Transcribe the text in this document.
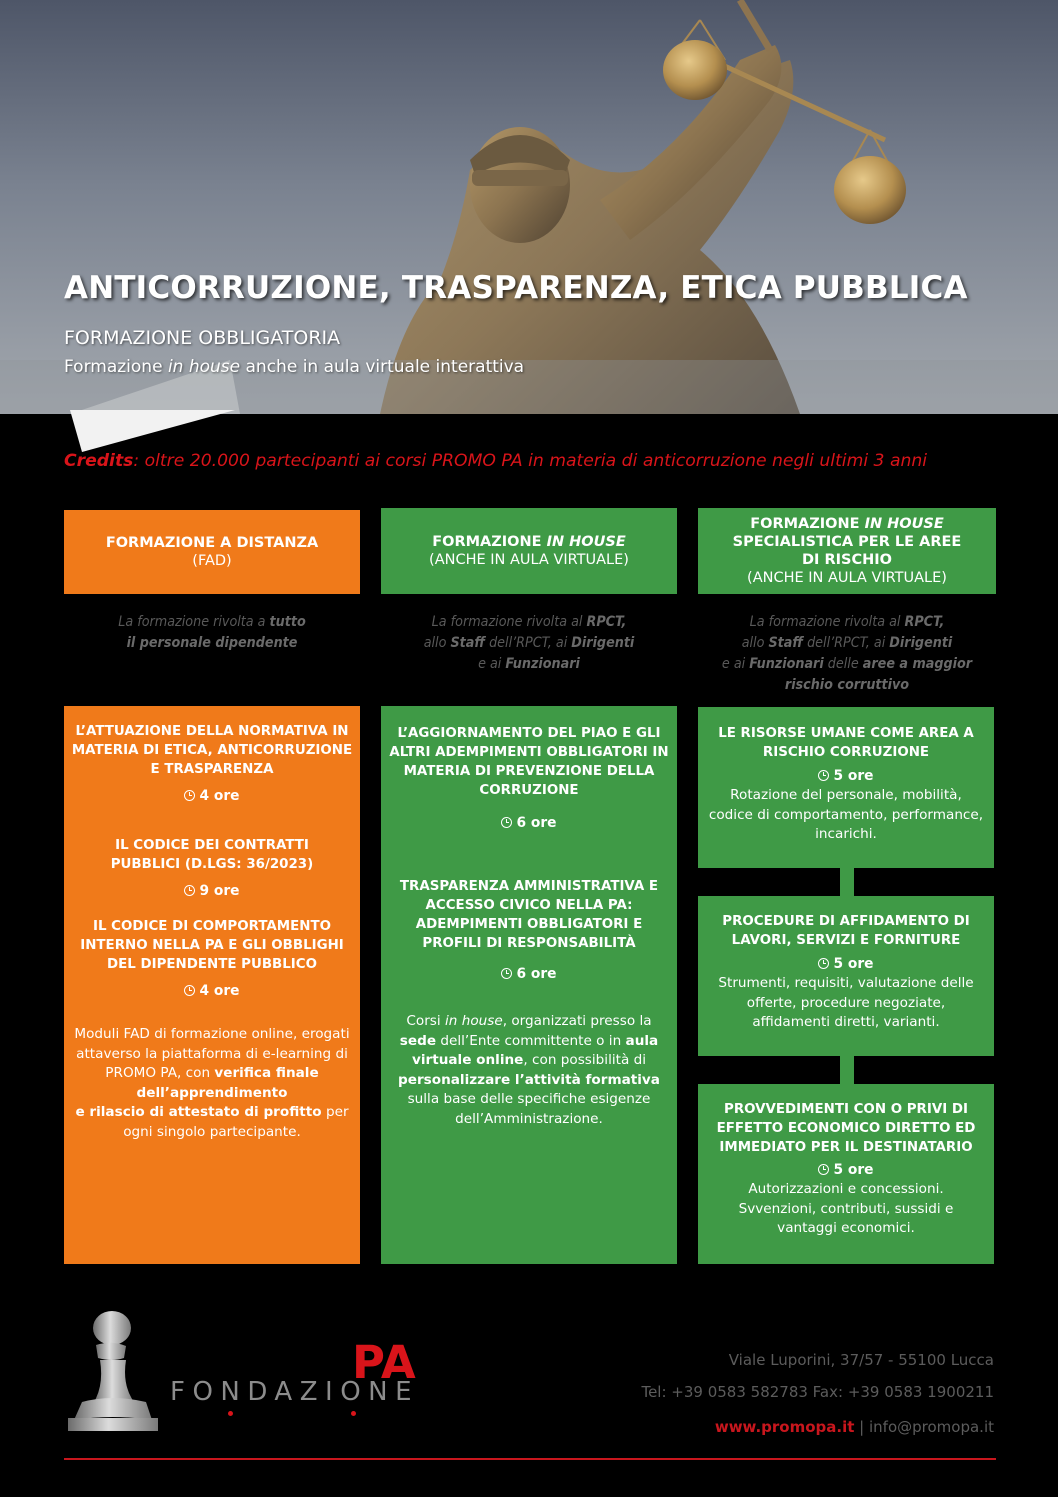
ANTICORRUZIONE, TRASPARENZA, ETICA PUBBLICA
FORMAZIONE OBBLIGATORIA
Formazione in house anche in aula virtuale interattiva
Credits: oltre 20.000 partecipanti ai corsi PROMO PA in materia di anticorruzione negli ultimi 3 anni
FORMAZIONE A DISTANZA
(FAD)
FORMAZIONE IN HOUSE
(ANCHE IN AULA VIRTUALE)
FORMAZIONE IN HOUSE
SPECIALISTICA PER LE AREE
DI RISCHIO
(ANCHE IN AULA VIRTUALE)
La formazione rivolta a tutto
il personale dipendente
La formazione rivolta al RPCT,
allo Staff dell’RPCT, ai Dirigenti
e ai Funzionari
La formazione rivolta al RPCT,
allo Staff dell’RPCT, ai Dirigenti
e ai Funzionari delle aree a maggior
rischio corruttivo
L’ATTUAZIONE DELLA NORMATIVA IN MATERIA DI ETICA, ANTICORRUZIONE E TRASPARENZA
4 ore
IL CODICE DEI CONTRATTI PUBBLICI (D.LGS: 36/2023)
9 ore
IL CODICE DI COMPORTAMENTO INTERNO NELLA PA E GLI OBBLIGHI DEL DIPENDENTE PUBBLICO
4 ore
Moduli FAD di formazione online, erogati attaverso la piattaforma di e-learning di PROMO PA, con verifica finale dell’apprendimento
e rilascio di attestato di profitto per ogni singolo partecipante.
L’AGGIORNAMENTO DEL PIAO E GLI ALTRI ADEMPIMENTI OBBLIGATORI IN MATERIA DI PREVENZIONE DELLA CORRUZIONE
6 ore
TRASPARENZA AMMINISTRATIVA E ACCESSO CIVICO NELLA PA: ADEMPIMENTI OBBLIGATORI E PROFILI DI RESPONSABILITÀ
6 ore
Corsi in house, organizzati presso la sede dell’Ente committente o in aula virtuale online, con possibilità di personalizzare l’attività formativa sulla base delle specifiche esigenze dell’Amministrazione.
LE RISORSE UMANE COME AREA A RISCHIO CORRUZIONE
5 ore
Rotazione del personale, mobilità, codice di comportamento, performance, incarichi.
PROCEDURE DI AFFIDAMENTO DI LAVORI, SERVIZI E FORNITURE
5 ore
Strumenti, requisiti, valutazione delle offerte, procedure negoziate, affidamenti diretti, varianti.
PROVVEDIMENTI CON O PRIVI DI EFFETTO ECONOMICO DIRETTO ED IMMEDIATO PER IL DESTINATARIO
5 ore
Autorizzazioni e concessioni. Svvenzioni, contributi, sussidi e vantaggi economici.
PA
FONDAZIONE
Viale Luporini, 37/57 - 55100 Lucca
Tel: +39 0583 582783 Fax: +39 0583 1900211
www.promopa.it | info@promopa.it
